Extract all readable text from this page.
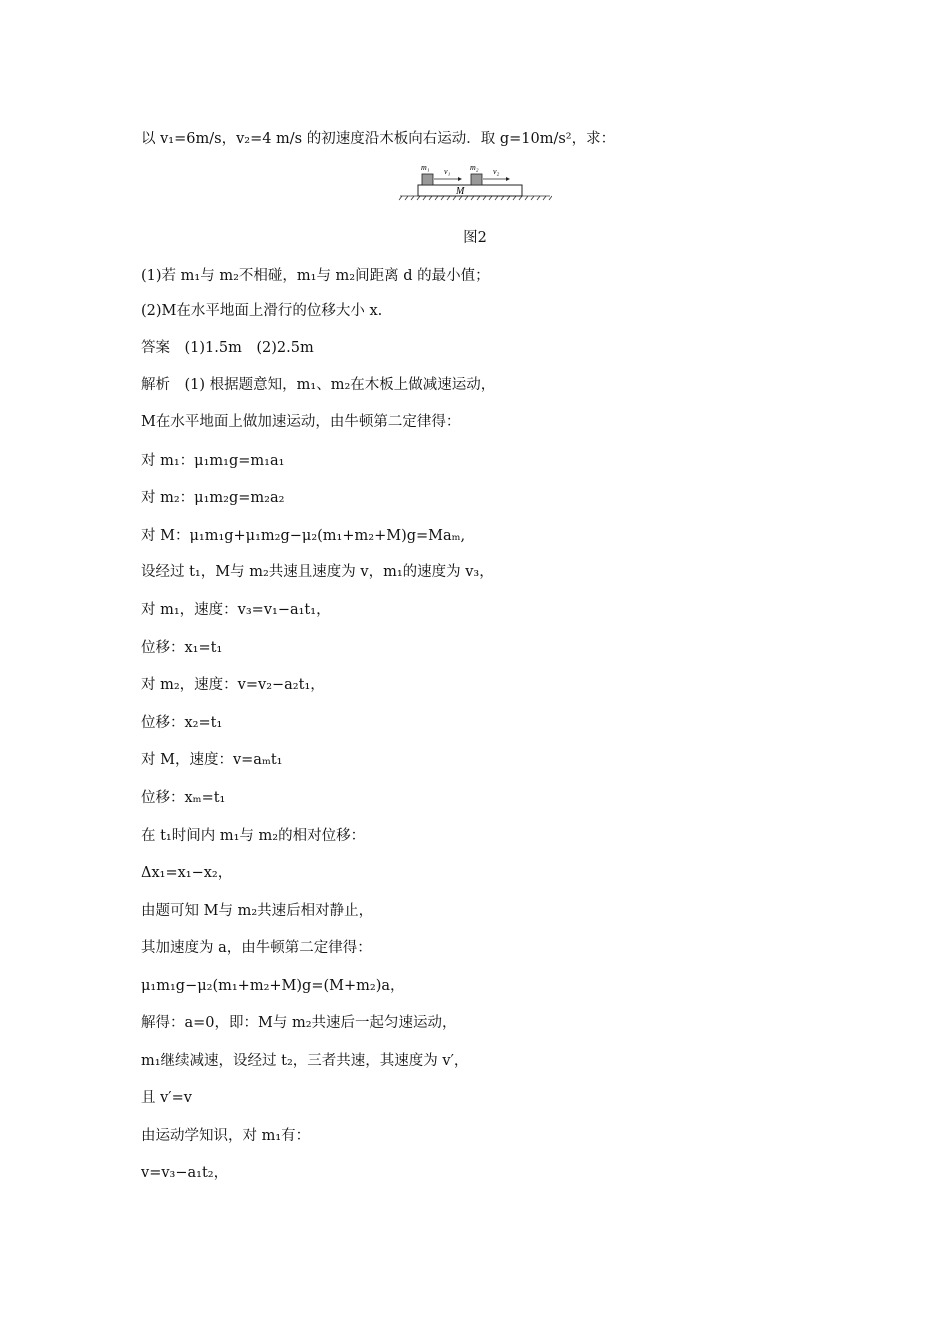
以 v₁=6m/s，v₂=4 m/s 的初速度沿木板向右运动．取 g=10m/s²，求：
M
m₁ v₁ m₂ v₂
图2
(1)若 m₁与 m₂不相碰，m₁与 m₂间距离 d 的最小值；
(2)M在水平地面上滑行的位移大小 x.
答案　(1)1.5m　(2)2.5m
解析　(1) 根据题意知，m₁、m₂在木板上做减速运动，
M在水平地面上做加速运动，由牛顿第二定律得：
对 m₁：μ₁m₁g=m₁a₁
对 m₂：μ₁m₂g=m₂a₂
对 M：μ₁m₁g+μ₁m₂g−μ₂(m₁+m₂+M)g=Maₘ,
设经过 t₁，M与 m₂共速且速度为 v，m₁的速度为 v₃，
对 m₁，速度：v₃=v₁−a₁t₁，
位移：x₁=t₁
对 m₂，速度：v=v₂−a₂t₁，
位移：x₂=t₁
对 M，速度：v=aₘt₁
位移：xₘ=t₁
在 t₁时间内 m₁与 m₂的相对位移：
Δx₁=x₁−x₂，
由题可知 M与 m₂共速后相对静止，
其加速度为 a，由牛顿第二定律得：
μ₁m₁g−μ₂(m₁+m₂+M)g=(M+m₂)a，
解得：a=0，即：M与 m₂共速后一起匀速运动，
m₁继续减速，设经过 t₂，三者共速，其速度为 v′，
且 v′=v
由运动学知识，对 m₁有：
v=v₃−a₁t₂，
